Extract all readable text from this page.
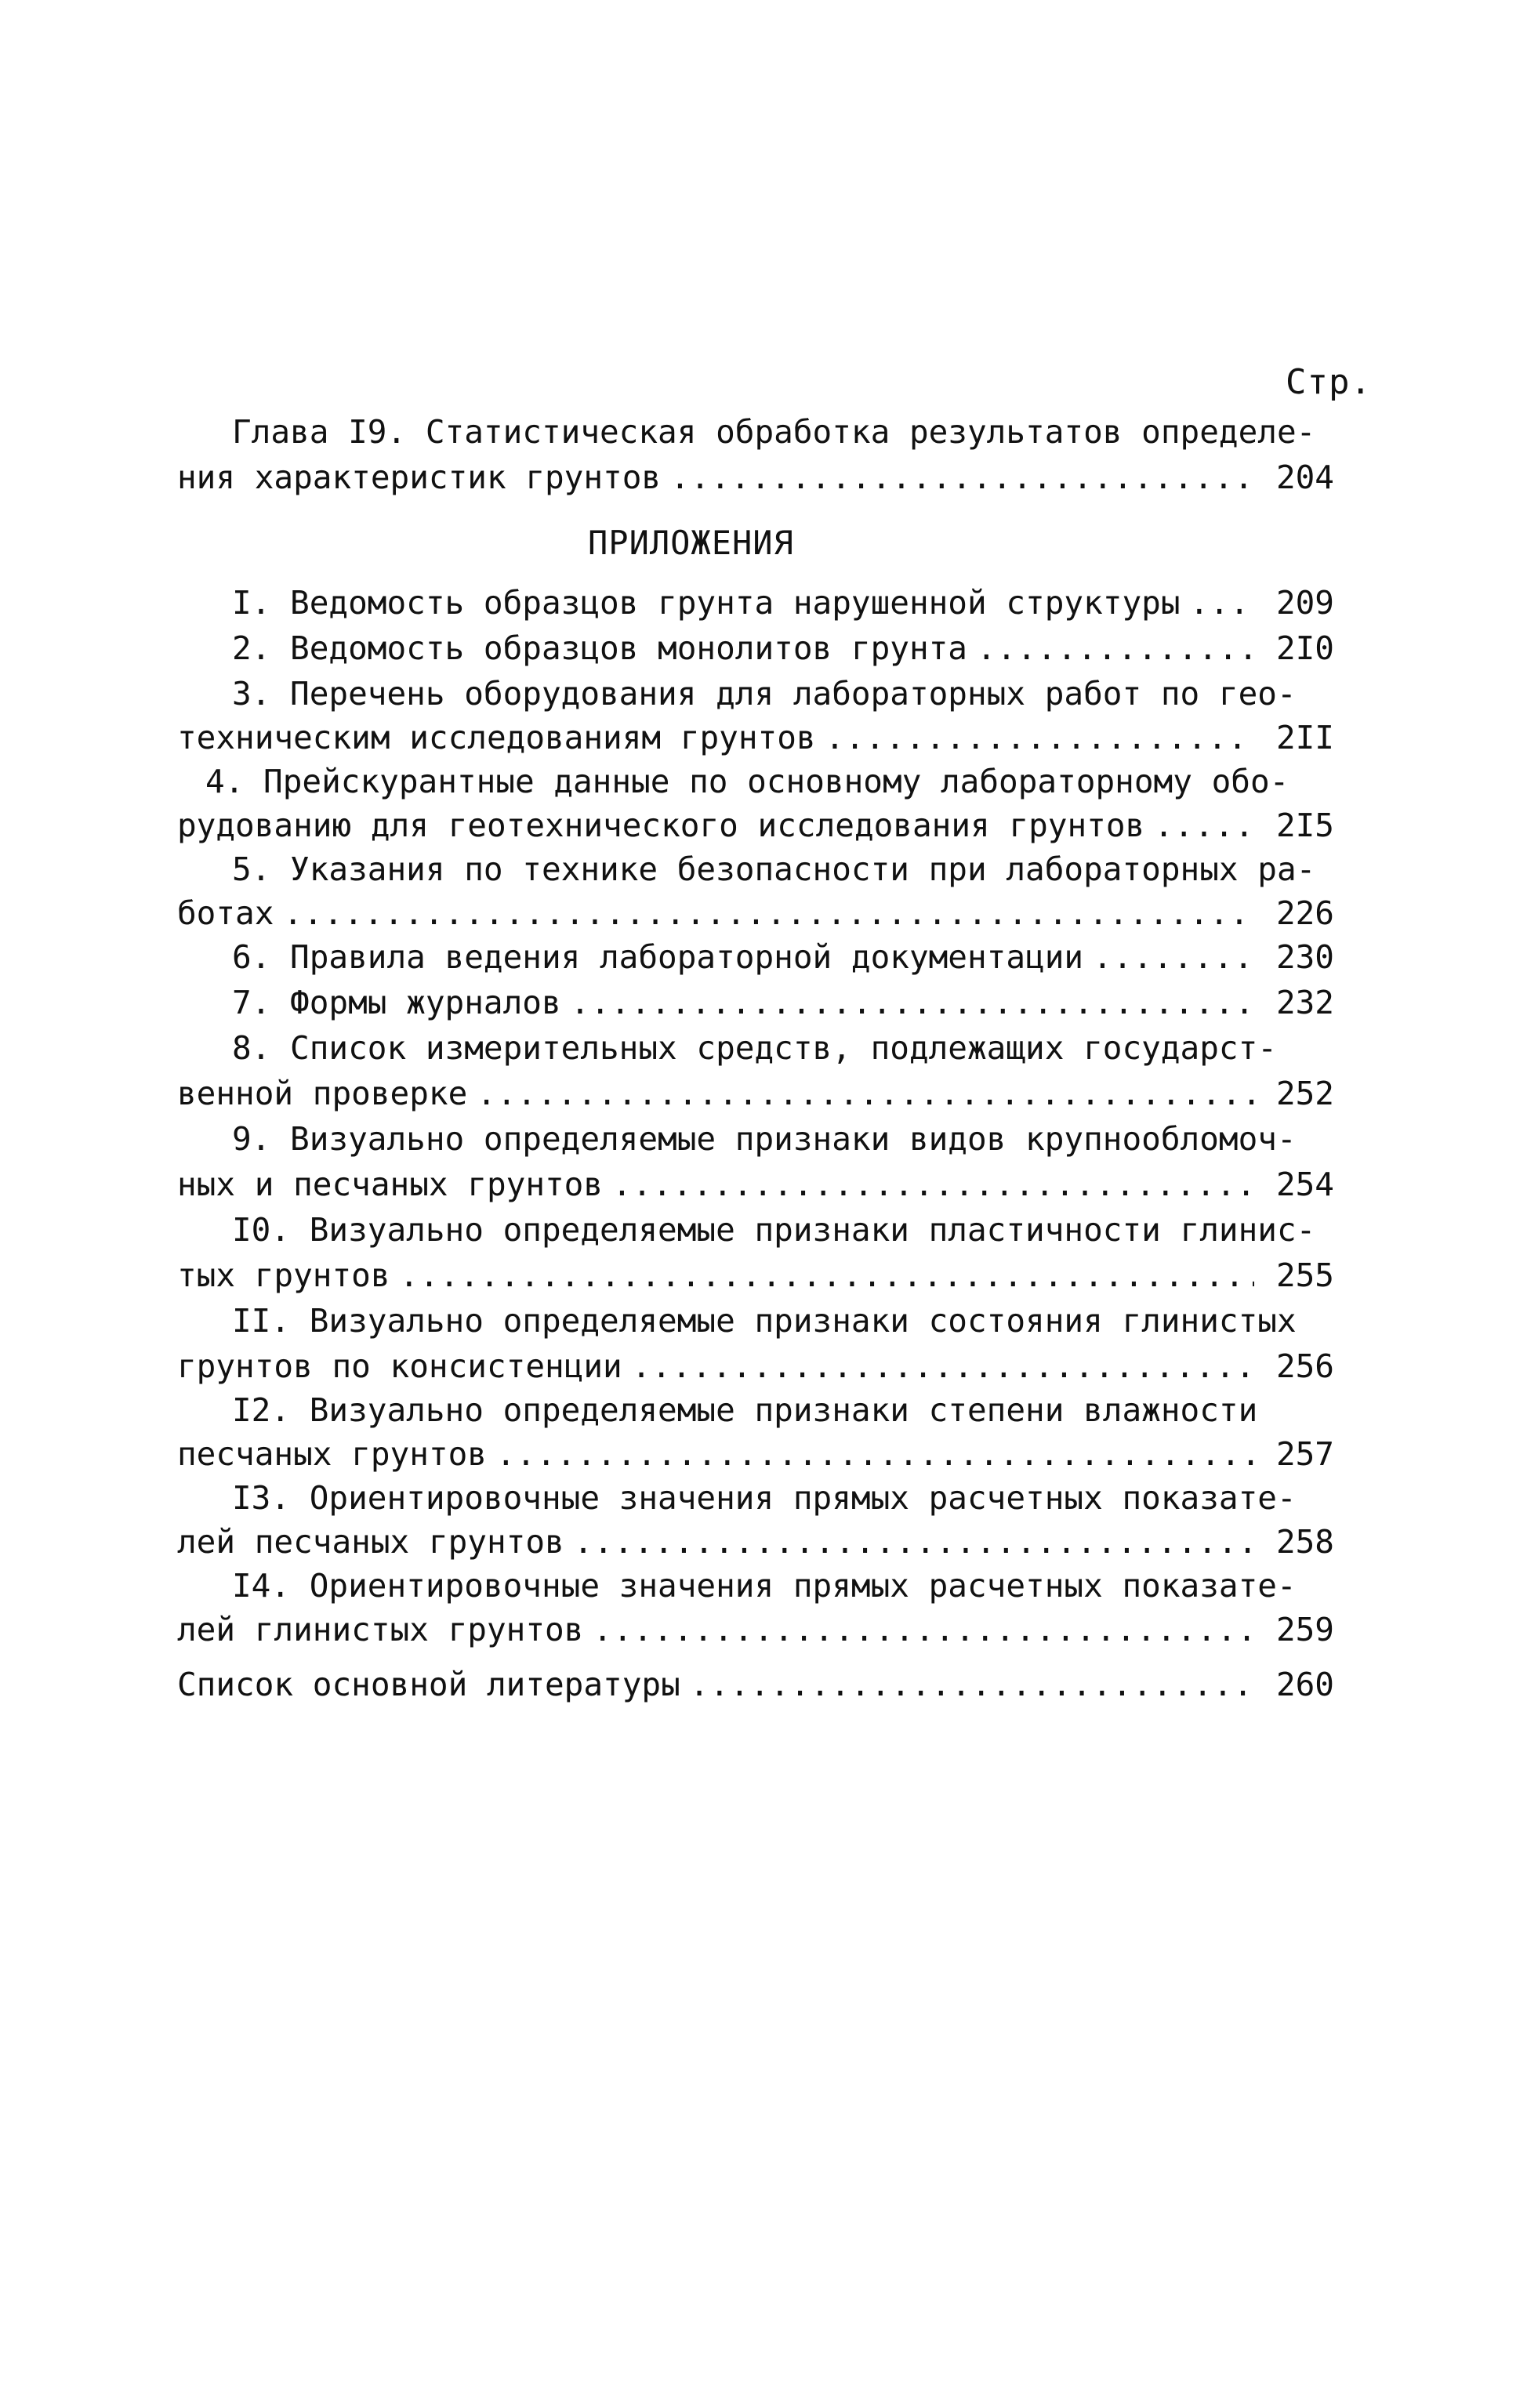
Стр.
Глава I9. Статистическая обработка результатов определе-
ния характеристик грунтов .....	204
ПРИЛОЖЕНИЯ
I. Ведомость образцов грунта нарушенной структуры .....	209
2. Ведомость образцов монолитов грунта .....	2I0
3. Перечень оборудования для лабораторных работ по гео-
техническим исследованиям грунтов .....	2II
4. Прейскурантные данные по основному лабораторному обо-
рудованию для геотехнического исследования грунтов .....	2I5
5. Указания по технике безопасности при лабораторных ра-
ботах .....	226
6. Правила ведения лабораторной документации .....	230
7. Формы журналов .....	232
8. Список измерительных средств, подлежащих государст-
венной проверке .....	252
9. Визуально определяемые признаки видов крупнообломоч-
ных и песчаных грунтов .....	254
I0. Визуально определяемые признаки пластичности глинис-
тых грунтов .....	255
II. Визуально определяемые признаки состояния глинистых
грунтов по консистенции .....	256
I2. Визуально определяемые признаки степени влажности
песчаных грунтов .....	257
I3. Ориентировочные значения прямых расчетных показате-
лей песчаных грунтов .....	258
I4. Ориентировочные значения прямых расчетных показате-
лей глинистых грунтов .....	259
Список основной литературы .....	260
